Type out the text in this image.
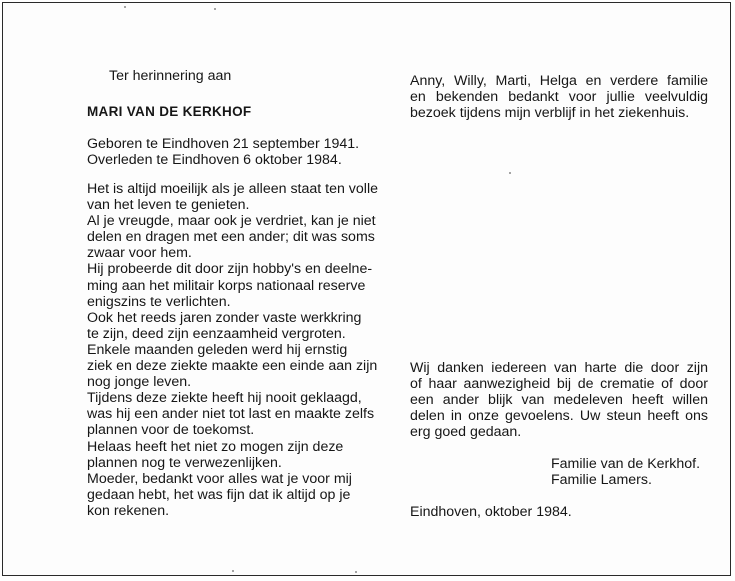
Ter herinnering aan
MARI VAN DE KERKHOF
Geboren te Eindhoven 21 september 1941.
Overleden te Eindhoven 6 oktober 1984.
Het is altijd moeilijk als je alleen staat ten volle
van het leven te genieten.
Al je vreugde, maar ook je verdriet, kan je niet
delen en dragen met een ander; dit was soms
zwaar voor hem.
Hij probeerde dit door zijn hobby's en deelne-
ming aan het militair korps nationaal reserve
enigszins te verlichten.
Ook het reeds jaren zonder vaste werkkring
te zijn, deed zijn eenzaamheid vergroten.
Enkele maanden geleden werd hij ernstig
ziek en deze ziekte maakte een einde aan zijn
nog jonge leven.
Tijdens deze ziekte heeft hij nooit geklaagd,
was hij een ander niet tot last en maakte zelfs
plannen voor de toekomst.
Helaas heeft het niet zo mogen zijn deze
plannen nog te verwezenlijken.
Moeder, bedankt voor alles wat je voor mij
gedaan hebt, het was fijn dat ik altijd op je
kon rekenen.
Anny, Willy, Marti, Helga en verdere familie
en bekenden bedankt voor jullie veelvuldig
bezoek tijdens mijn verblijf in het ziekenhuis.
Wij danken iedereen van harte die door zijn
of haar aanwezigheid bij de crematie of door
een ander blijk van medeleven heeft willen
delen in onze gevoelens. Uw steun heeft ons
erg goed gedaan.
Familie van de Kerkhof.
Familie Lamers.
Eindhoven, oktober 1984.
